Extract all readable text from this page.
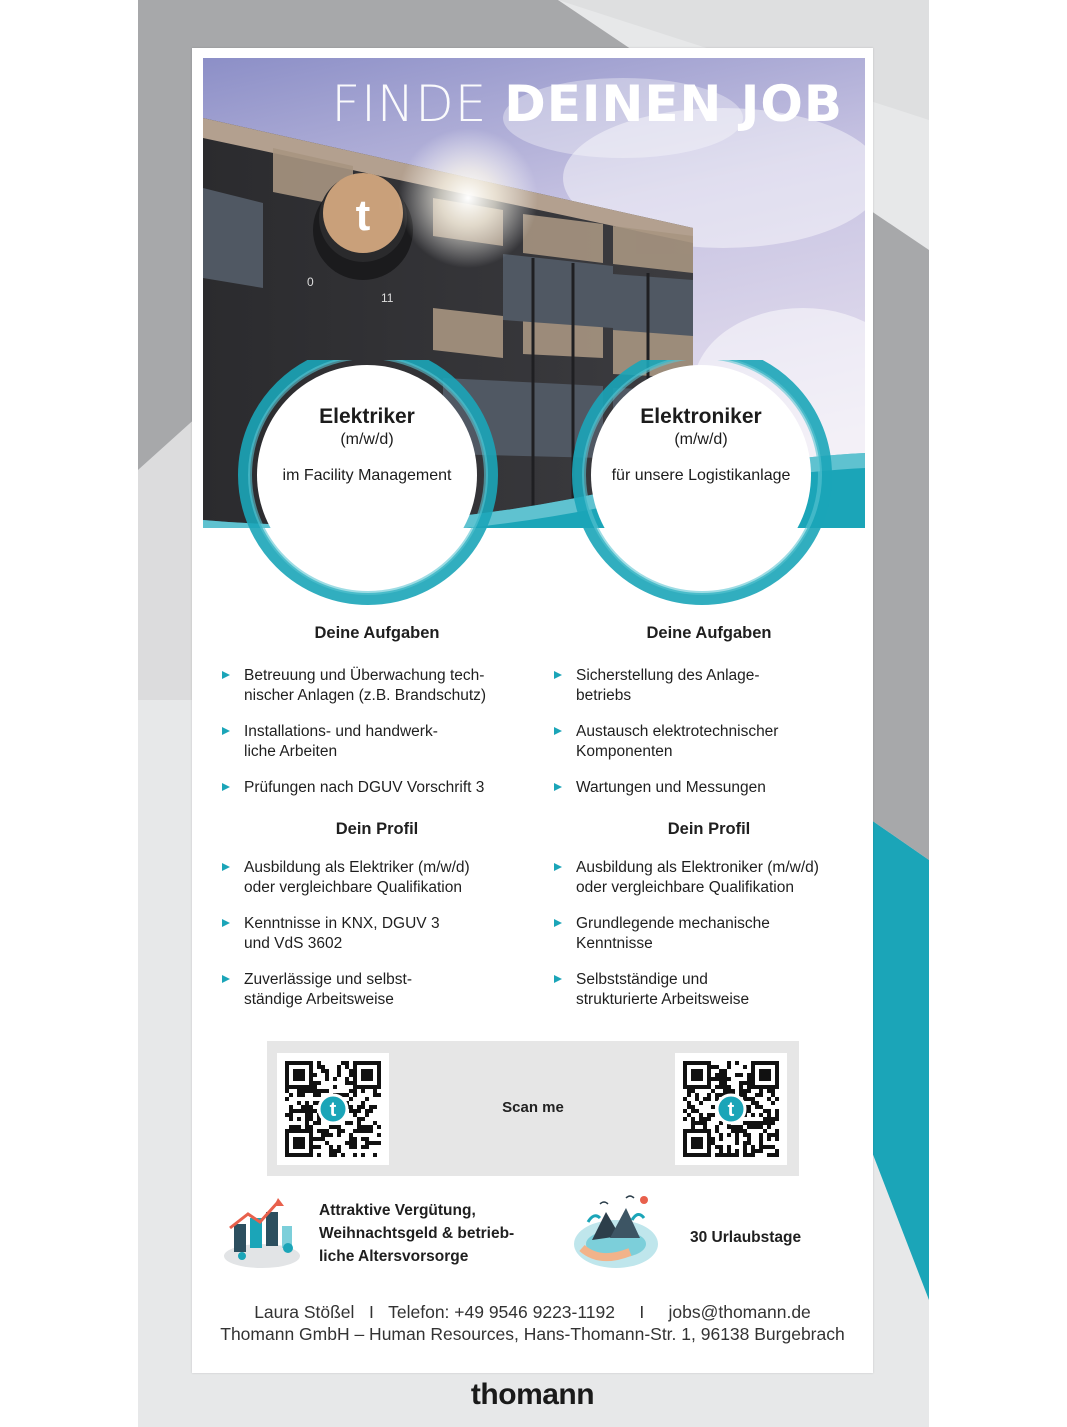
t
0
11
FINDE DEINEN JOB
Elektriker
(m/w/d)
im Facility Management
Elektroniker
(m/w/d)
für unsere Logistikanlage

Deine Aufgaben

Betreuung und Überwachung tech-
nischer Anlagen (z.B. Brandschutz)
Installations- und handwerk-
liche Arbeiten
Prüfungen nach DGUV Vorschrift 3

Dein Profil

Ausbildung als Elektriker (m/w/d)
oder vergleichbare Qualifikation
Kenntnisse in KNX, DGUV 3
und VdS 3602
Zuverlässige und selbst-
ständige Arbeitsweise

Deine Aufgaben

Sicherstellung des Anlage-
betriebs
Austausch elektrotechnischer
Komponenten
Wartungen und Messungen

Dein Profil

Ausbildung als Elektroniker (m/w/d)
oder vergleichbare Qualifikation
Grundlegende mechanische
Kenntnisse
Selbstständige und
strukturierte Arbeitsweise
t	Scan me	t
Attraktive Vergütung,
Weihnachtsgeld & betrieb-
liche Altersvorsorge
30 Urlaubstage
Laura Stößel   I   Telefon: +49 9546 9223-1192     I     jobs@thomann.de
Thomann GmbH – Human Resources, Hans-Thomann-Str. 1, 96138 Burgebrach
thomann
